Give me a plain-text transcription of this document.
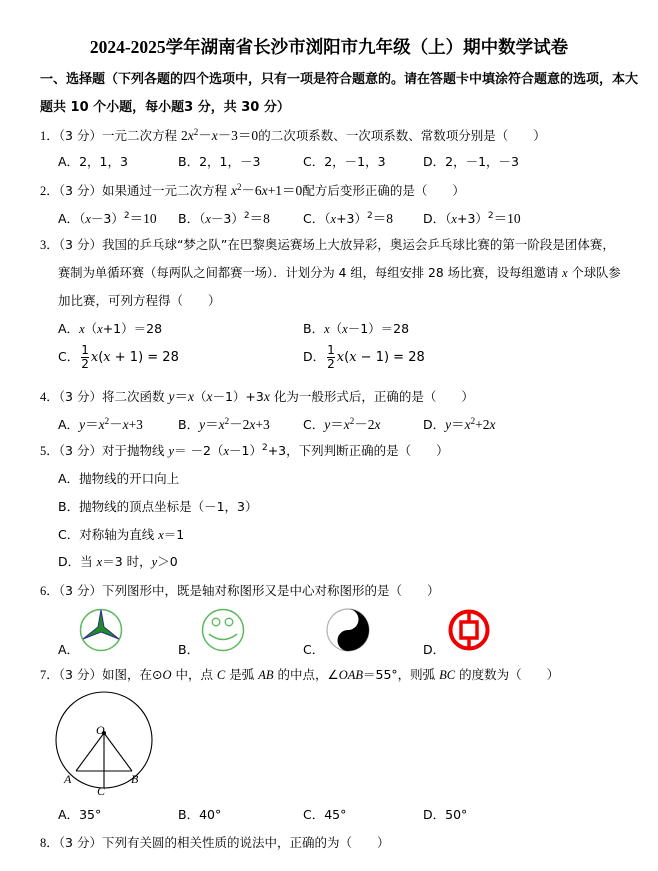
2024-2025学年湖南省长沙市浏阳市九年级（上）期中数学试卷
一、选择题（下列各题的四个选项中，只有一项是符合题意的。请在答题卡中填涂符合题意的选项，本大
题共 10 个小题，每小题3 分，共 30 分）
1．（3 分）一元二次方程 $2x^2-x-3=0$的二次项系数、一次项系数、常数项分别是（　　）
A．2，1，3	B．2，1，－3	C．2，－1，3	D．2，－1，－3
2．（3 分）如果通过一元二次方程 $x^2-6x+1=0$配方后变形正确的是（　　）
A．$(x-3)^2=10$ B．$(x-3)^2=8$	C．$(x+3)^2=8$ D．$(x+3)^2=10$
3．（3 分）我国的乒乓球“梦之队”在巴黎奥运赛场上大放异彩，奥运会乒乓球比赛的第一阶段是团体赛，
赛制为单循环赛（每两队之间都赛一场）．计划分为 4 组，每组安排 28 场比赛，设每组邀请 x 个球队参
加比赛，可列方程得（　　）
A．x（x+1）＝28	B．x（x－1）＝28
C． $\frac{1}{2} x(x + 1) = 28$	D． $\frac{1}{2} x(x - 1) = 28$
4．（3 分）将二次函数 y＝x（x－1）+3x 化为一般形式后，正确的是（　　）
A．$y=x^2-x+3$	B．$y=x^2-2x+3$	C．$y=x^2-2x$	D．$y=x^2+2x$
5．（3 分）对于抛物线 $y= -2(x-1)^2+3$，下列判断正确的是（　　）
A．抛物线的开口向上
B．抛物线的顶点坐标是（－1，3）
C．对称轴为直线 x＝1
D．当 x＝3 时，y＞0
6．（3 分）下列图形中，既是轴对称图形又是中心对称图形的是（　　）
A．	B．	C．	D．
7．（3 分）如图，在⊙O 中，点 C 是弧 AB 的中点，∠OAB＝55°，则弧 BC 的度数为（　　）
O
A	B
C
A．35°	B．40°	C．45°	D．50°
8．（3 分）下列有关圆的相关性质的说法中，正确的为（　　）
